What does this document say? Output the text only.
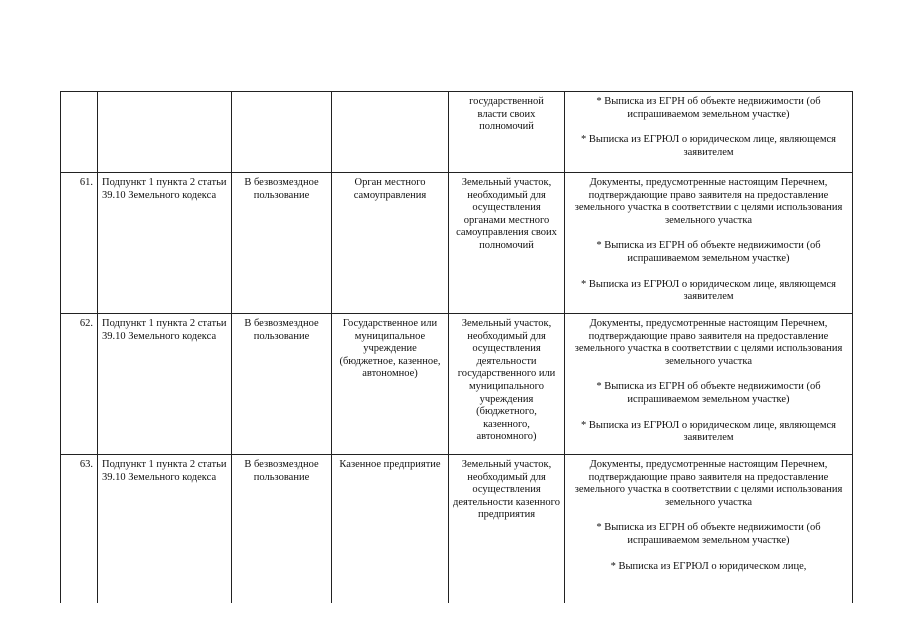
				государственной власти своих полномочий	* Выписка из ЕГРН об объекте недвижимости (об испрашиваемом земельном участке)
* Выписка из ЕГРЮЛ о юридическом лице, являющемся заявителем

61.	Подпункт 1 пункта 2 статьи 39.10 Земельного кодекса	В безвозмездное пользование	Орган местного самоуправления	Земельный участок, необходимый для осуществления органами местного самоуправления своих полномочий	Документы, предусмотренные настоящим Перечнем, подтверждающие право заявителя на предоставление земельного участка в соответствии с целями использования земельного участка
* Выписка из ЕГРН об объекте недвижимости (об испрашиваемом земельном участке)
* Выписка из ЕГРЮЛ о юридическом лице, являющемся заявителем

62.	Подпункт 1 пункта 2 статьи 39.10 Земельного кодекса	В безвозмездное пользование	Государственное или муниципальное учреждение (бюджетное, казенное, автономное)	Земельный участок, необходимый для осуществления деятельности государственного или муниципального учреждения (бюджетного, казенного, автономного)	Документы, предусмотренные настоящим Перечнем, подтверждающие право заявителя на предоставление земельного участка в соответствии с целями использования земельного участка
* Выписка из ЕГРН об объекте недвижимости (об испрашиваемом земельном участке)
* Выписка из ЕГРЮЛ о юридическом лице, являющемся заявителем

63.	Подпункт 1 пункта 2 статьи 39.10 Земельного кодекса	В безвозмездное пользование	Казенное предприятие	Земельный участок, необходимый для осуществления деятельности казенного предприятия	Документы, предусмотренные настоящим Перечнем, подтверждающие право заявителя на предоставление земельного участка в соответствии с целями использования земельного участка
* Выписка из ЕГРН об объекте недвижимости (об испрашиваемом земельном участке)
* Выписка из ЕГРЮЛ о юридическом лице,
